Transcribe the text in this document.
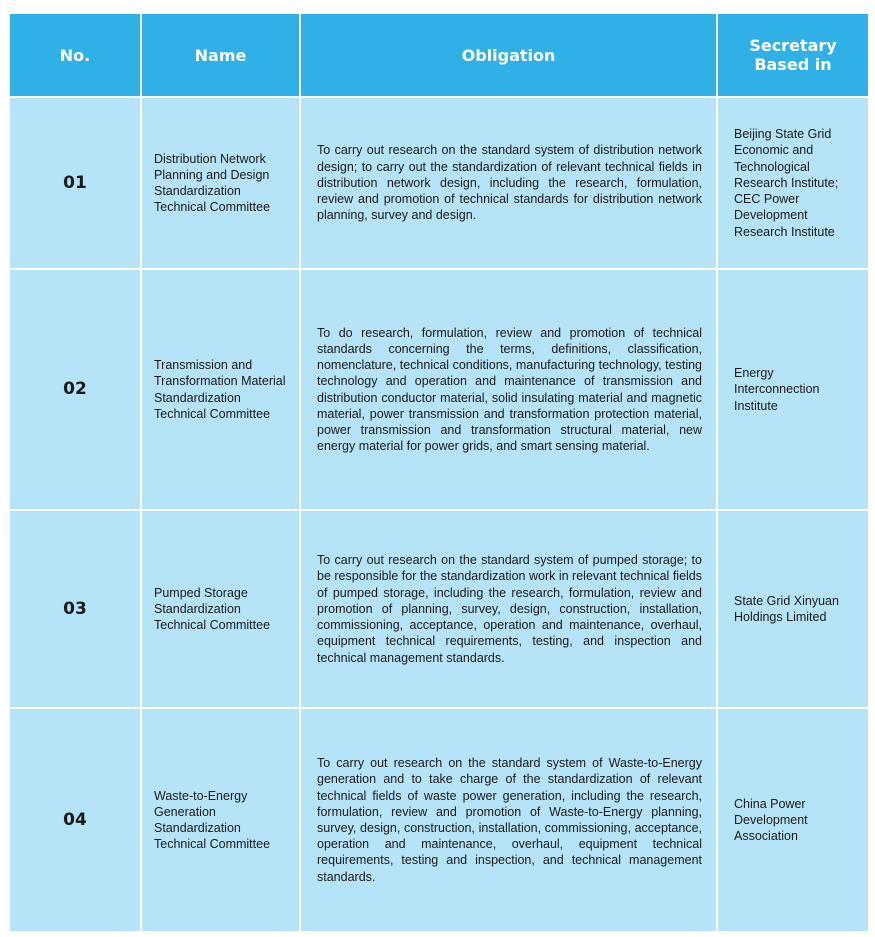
No.	Name	Obligation	Secretary Based in
01	Distribution Network Planning and Design Standardization Technical Committee	To carry out research on the standard system of distribution network design; to carry out the standardization of relevant technical fields in distribution network design, including the research, formulation, review and promotion of technical standards for distribution network planning, survey and design.	Beijing State Grid Economic and Technological Research Institute; CEC Power Development Research Institute
02	Transmission and Transformation Material Standardization Technical Committee	To do research, formulation, review and promotion of technical standards concerning the terms, definitions, classification, nomenclature, technical conditions, manufacturing technology, testing technology and operation and maintenance of transmission and distribution conductor material, solid insulating material and magnetic material, power transmission and transformation protection material, power transmission and transformation structural material, new energy material for power grids, and smart sensing material.	Energy Interconnection Institute
03	Pumped Storage Standardization Technical Committee	To carry out research on the standard system of pumped storage; to be responsible for the standardization work in relevant technical fields of pumped storage, including the research, formulation, review and promotion of planning, survey, design, construction, installation, commissioning, acceptance, operation and maintenance, overhaul, equipment technical requirements, testing, and inspection and technical management standards.	State Grid Xinyuan Holdings Limited
04	Waste-to-Energy Generation Standardization Technical Committee	To carry out research on the standard system of Waste-to-Energy generation and to take charge of the standardization of relevant technical fields of waste power generation, including the research, formulation, review and promotion of Waste-to-Energy planning, survey, design, construction, installation, commissioning, acceptance, operation and maintenance, overhaul, equipment technical requirements, testing and inspection, and technical management standards.	China Power Development Association
